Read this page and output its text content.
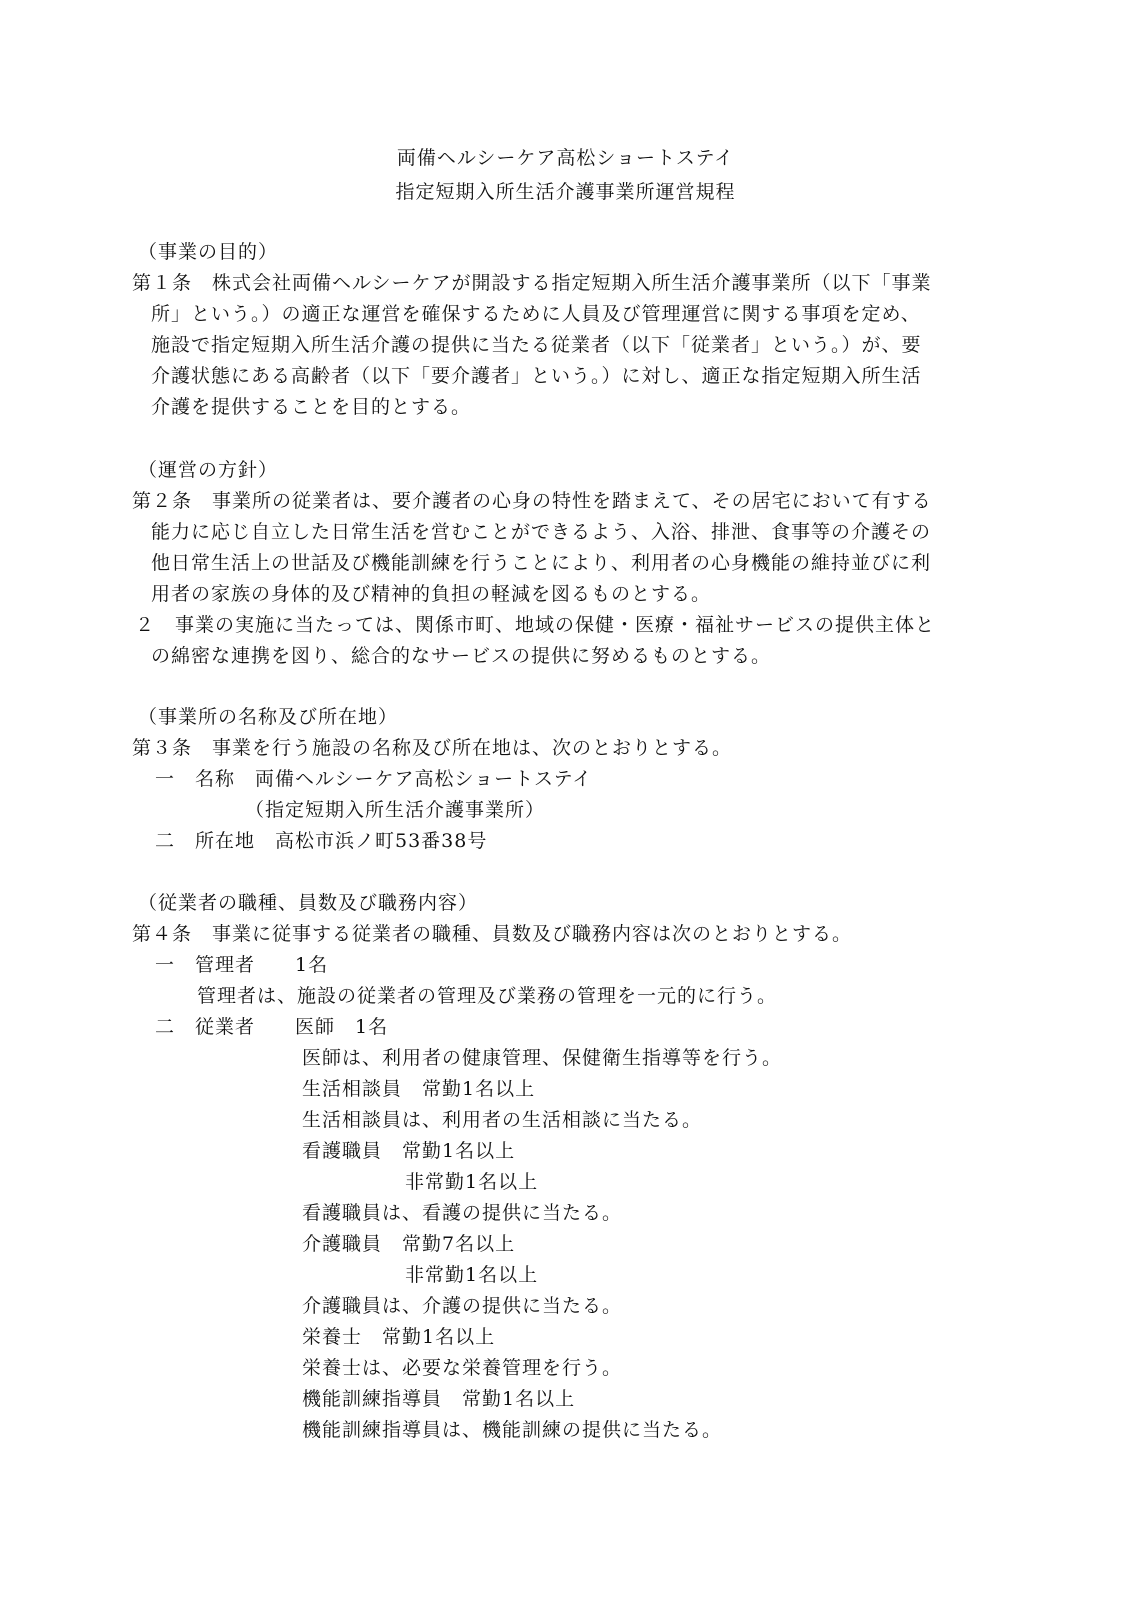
両備ヘルシーケア高松ショートステイ
指定短期入所生活介護事業所運営規程
（事業の目的）
第１条　株式会社両備ヘルシーケアが開設する指定短期入所生活介護事業所（以下「事業
所」という。）の適正な運営を確保するために人員及び管理運営に関する事項を定め、
施設で指定短期入所生活介護の提供に当たる従業者（以下「従業者」という。）が、要
介護状態にある高齢者（以下「要介護者」という。）に対し、適正な指定短期入所生活
介護を提供することを目的とする。
（運営の方針）
第２条　事業所の従業者は、要介護者の心身の特性を踏まえて、その居宅において有する
能力に応じ自立した日常生活を営むことができるよう、入浴、排泄、食事等の介護その
他日常生活上の世話及び機能訓練を行うことにより、利用者の心身機能の維持並びに利
用者の家族の身体的及び精神的負担の軽減を図るものとする。
２　事業の実施に当たっては、関係市町、地域の保健・医療・福祉サービスの提供主体と
の綿密な連携を図り、総合的なサービスの提供に努めるものとする。
（事業所の名称及び所在地）
第３条　事業を行う施設の名称及び所在地は、次のとおりとする。
一　名称　両備ヘルシーケア高松ショートステイ
（指定短期入所生活介護事業所）
二　所在地　高松市浜ノ町53番38号
（従業者の職種、員数及び職務内容）
第４条　事業に従事する従業者の職種、員数及び職務内容は次のとおりとする。
一　管理者　　1名
管理者は、施設の従業者の管理及び業務の管理を一元的に行う。
二　従業者　　医師　1名
医師は、利用者の健康管理、保健衛生指導等を行う。
生活相談員　常勤1名以上
生活相談員は、利用者の生活相談に当たる。
看護職員　常勤1名以上
非常勤1名以上
看護職員は、看護の提供に当たる。
介護職員　常勤7名以上
非常勤1名以上
介護職員は、介護の提供に当たる。
栄養士　常勤1名以上
栄養士は、必要な栄養管理を行う。
機能訓練指導員　常勤1名以上
機能訓練指導員は、機能訓練の提供に当たる。
